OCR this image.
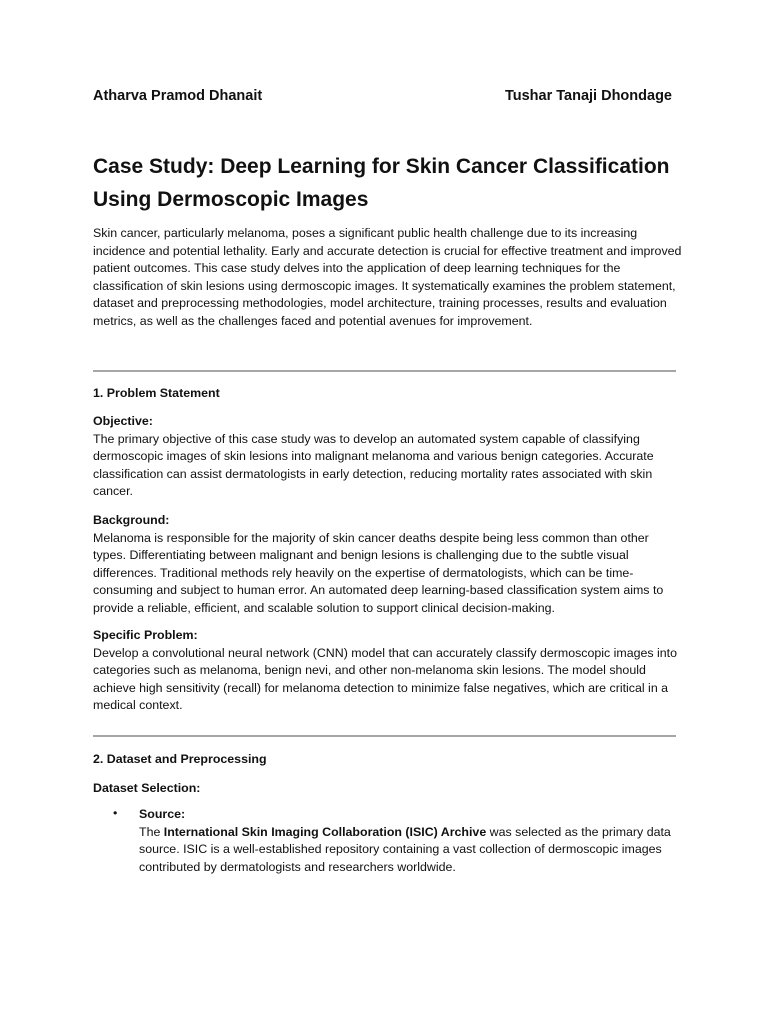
Atharva Pramod Dhanait	Tushar Tanaji Dhondage
Case Study: Deep Learning for Skin Cancer Classification Using Dermoscopic Images

Skin cancer, particularly melanoma, poses a significant public health challenge due to its increasing incidence and potential lethality. Early and accurate detection is crucial for effective treatment and improved patient outcomes. This case study delves into the application of deep learning techniques for the classification of skin lesions using dermoscopic images. It systematically examines the problem statement, dataset and preprocessing methodologies, model architecture, training processes, results and evaluation metrics, as well as the challenges faced and potential avenues for improvement.

1. Problem Statement

Objective:

The primary objective of this case study was to develop an automated system capable of classifying dermoscopic images of skin lesions into malignant melanoma and various benign categories. Accurate classification can assist dermatologists in early detection, reducing mortality rates associated with skin cancer.

Background:

Melanoma is responsible for the majority of skin cancer deaths despite being less common than other types. Differentiating between malignant and benign lesions is challenging due to the subtle visual differences. Traditional methods rely heavily on the expertise of dermatologists, which can be time-consuming and subject to human error. An automated deep learning-based classification system aims to provide a reliable, efficient, and scalable solution to support clinical decision-making.

Specific Problem:

Develop a convolutional neural network (CNN) model that can accurately classify dermoscopic images into categories such as melanoma, benign nevi, and other non-melanoma skin lesions. The model should achieve high sensitivity (recall) for melanoma detection to minimize false negatives, which are critical in a medical context.

2. Dataset and Preprocessing

Dataset Selection:

• Source:

The International Skin Imaging Collaboration (ISIC) Archive was selected as the primary data source. ISIC is a well-established repository containing a vast collection of dermoscopic images contributed by dermatologists and researchers worldwide.
